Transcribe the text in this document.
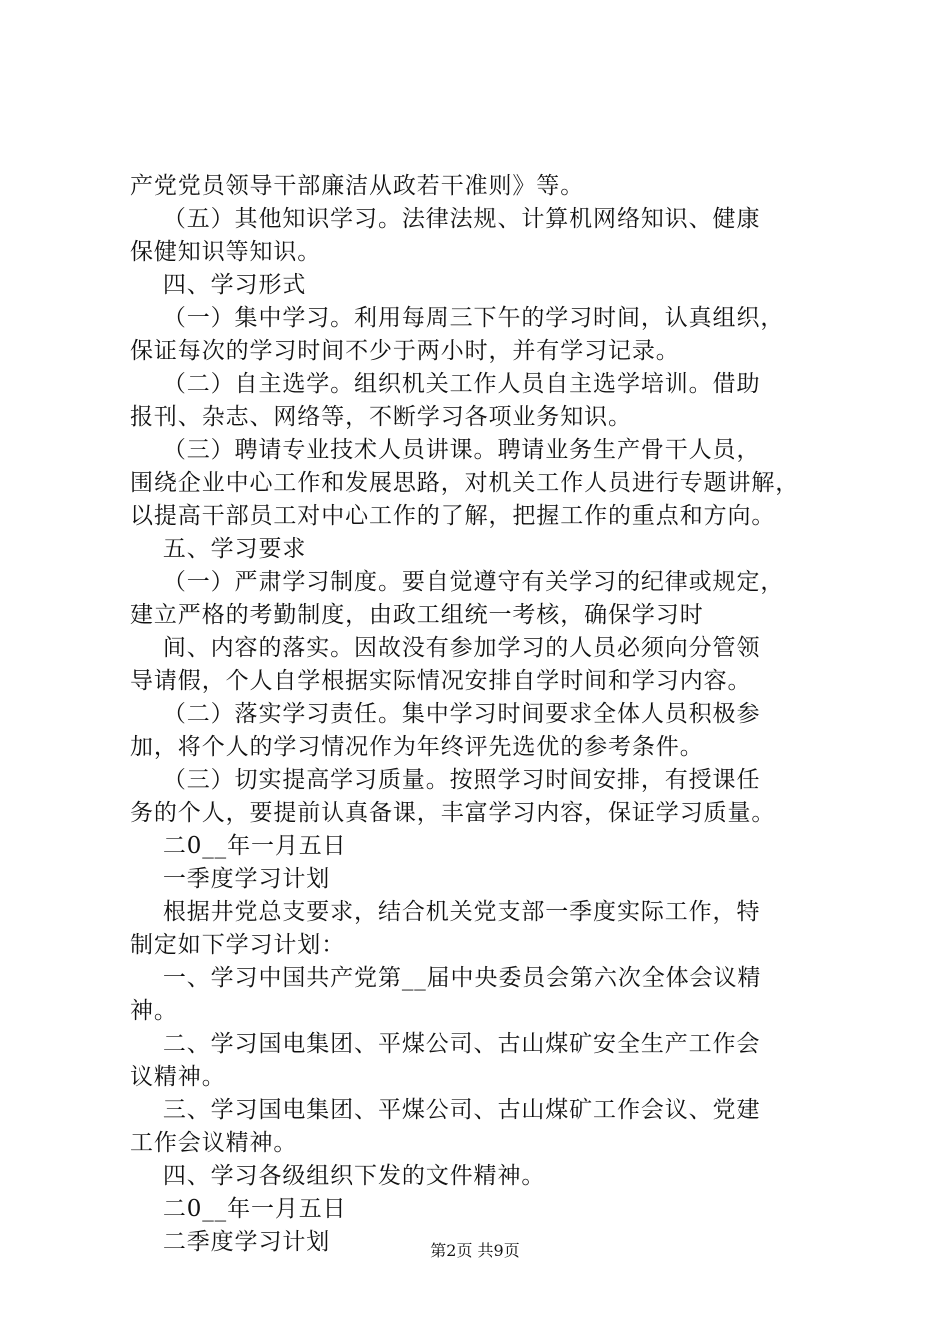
产党党员领导干部廉洁从政若干准则》等。
（五）其他知识学习。法律法规、计算机网络知识、健康
保健知识等知识。
四、学习形式
（一）集中学习。利用每周三下午的学习时间，认真组织，
保证每次的学习时间不少于两小时，并有学习记录。
（二）自主选学。组织机关工作人员自主选学培训。借助
报刊、杂志、网络等，不断学习各项业务知识。
（三）聘请专业技术人员讲课。聘请业务生产骨干人员，
围绕企业中心工作和发展思路，对机关工作人员进行专题讲解，
以提高干部员工对中心工作的了解，把握工作的重点和方向。
五、学习要求
（一）严肃学习制度。要自觉遵守有关学习的纪律或规定，
建立严格的考勤制度，由政工组统一考核，确保学习时
间、内容的落实。因故没有参加学习的人员必须向分管领
导请假，个人自学根据实际情况安排自学时间和学习内容。
（二）落实学习责任。集中学习时间要求全体人员积极参
加，将个人的学习情况作为年终评先选优的参考条件。
（三）切实提高学习质量。按照学习时间安排，有授课任
务的个人，要提前认真备课，丰富学习内容，保证学习质量。
二0__年一月五日
一季度学习计划
根据井党总支要求，结合机关党支部一季度实际工作，特
制定如下学习计划：
一、学习中国共产党第__届中央委员会第六次全体会议精
神。
二、学习国电集团、平煤公司、古山煤矿安全生产工作会
议精神。
三、学习国电集团、平煤公司、古山煤矿工作会议、党建
工作会议精神。
四、学习各级组织下发的文件精神。
二0__年一月五日
二季度学习计划	第2页 共9页
